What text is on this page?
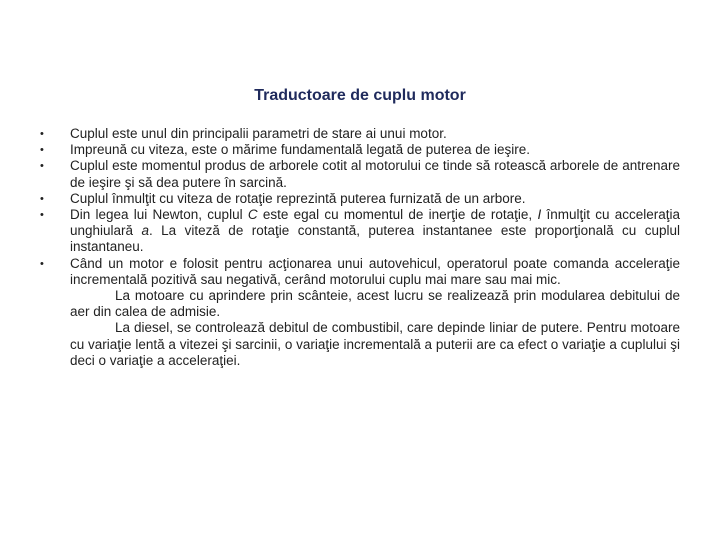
Traductoare de cuplu motor
• Cuplul este unul din principalii parametri de stare ai unui motor.
• Impreună cu viteza, este o mărime fundamentală legată de puterea de ieşire.
• Cuplul este momentul produs de arborele cotit al motorului ce tinde să rotească arborele de antrenare de ieşire şi să dea putere în sarcină.
• Cuplul înmulţit cu viteza de rotaţie reprezintă puterea furnizată de un arbore.
• Din legea lui Newton, cuplul C este egal cu momentul de inerţie de rotaţie, I înmulţit cu acceleraţia unghiulară a. La viteză de rotaţie constantă, puterea instantanee este proporţională cu cuplul instantaneu.
• Când un motor e folosit pentru acţionarea unui autovehicul, operatorul poate comanda acceleraţie incrementală pozitivă sau negativă, cerând motorului cuplu mai mare sau mai mic.
La motoare cu aprindere prin scânteie, acest lucru se realizează prin modularea debitului de aer din calea de admisie.
La diesel, se controlează debitul de combustibil, care depinde liniar de putere. Pentru motoare cu variaţie lentă a vitezei şi sarcinii, o variaţie incrementală a puterii are ca efect o variaţie a cuplului şi deci o variaţie a acceleraţiei.
